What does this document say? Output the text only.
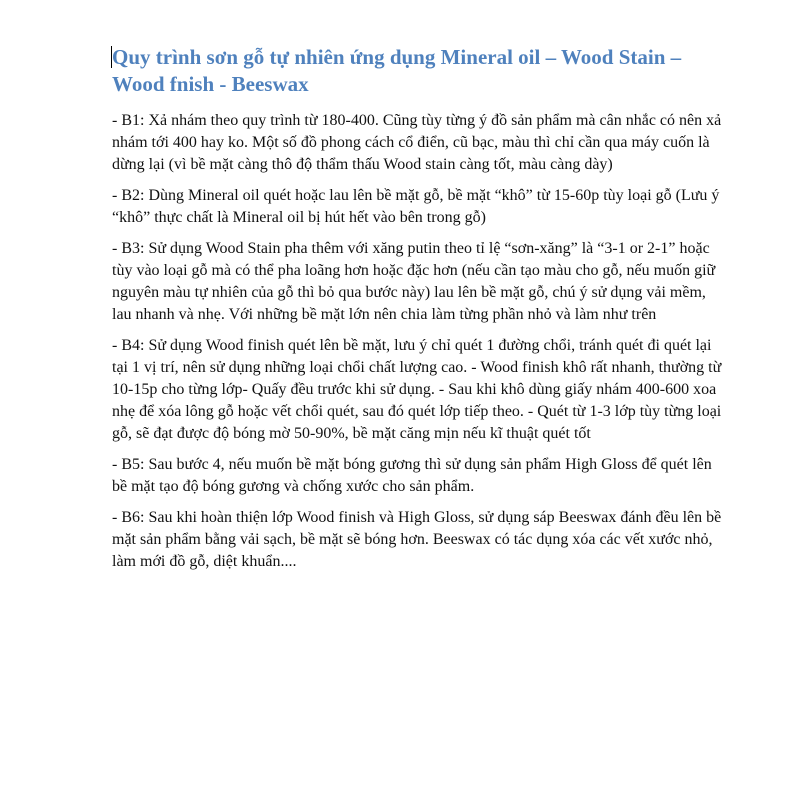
Quy trình sơn gỗ tự nhiên ứng dụng Mineral oil – Wood Stain – Wood fnish - Beeswax

- B1: Xả nhám theo quy trình từ 180-400. Cũng tùy từng ý đồ sản phẩm mà cân nhắc có nên xả nhám tới 400 hay ko. Một số đồ phong cách cổ điển, cũ bạc, màu thì chỉ cần qua máy cuốn là dừng lại (vì bề mặt càng thô độ thẩm thấu Wood stain càng tốt, màu càng dày)

- B2: Dùng Mineral oil quét hoặc lau lên bề mặt gỗ, bề mặt “khô” từ 15-60p tùy loại gỗ (Lưu ý “khô” thực chất là Mineral oil bị hút hết vào bên trong gỗ)

- B3: Sử dụng Wood Stain pha thêm với xăng putin theo tỉ lệ “sơn-xăng” là “3-1 or 2-1” hoặc tùy vào loại gỗ mà có thể pha loãng hơn hoặc đặc hơn (nếu cần tạo màu cho gỗ, nếu muốn giữ nguyên màu tự nhiên của gỗ thì bỏ qua bước này) lau lên bề mặt gỗ, chú ý sử dụng vải mềm, lau nhanh và nhẹ. Với những bề mặt lớn nên chia làm từng phần nhỏ và làm như trên

- B4: Sử dụng Wood finish quét lên bề mặt, lưu ý chỉ quét 1 đường chổi, tránh quét đi quét lại tại 1 vị trí, nên sử dụng những loại chổi chất lượng cao. - Wood finish khô rất nhanh, thường từ 10-15p cho từng lớp- Quấy đều trước khi sử dụng. - Sau khi khô dùng giấy nhám 400-600 xoa nhẹ để xóa lông gỗ hoặc vết chổi quét, sau đó quét lớp tiếp theo. - Quét từ 1-3 lớp tùy từng loại gỗ, sẽ đạt được độ bóng mờ 50-90%, bề mặt căng mịn nếu kĩ thuật quét tốt

- B5: Sau bước 4, nếu muốn bề mặt bóng gương thì sử dụng sản phẩm High Gloss để quét lên bề mặt tạo độ bóng gương và chống xước cho sản phẩm.

- B6: Sau khi hoàn thiện lớp Wood finish và High Gloss, sử dụng sáp Beeswax đánh đều lên bề mặt sản phẩm bằng vải sạch, bề mặt sẽ bóng hơn. Beeswax có tác dụng xóa các vết xước nhỏ, làm mới đồ gỗ, diệt khuẩn....
